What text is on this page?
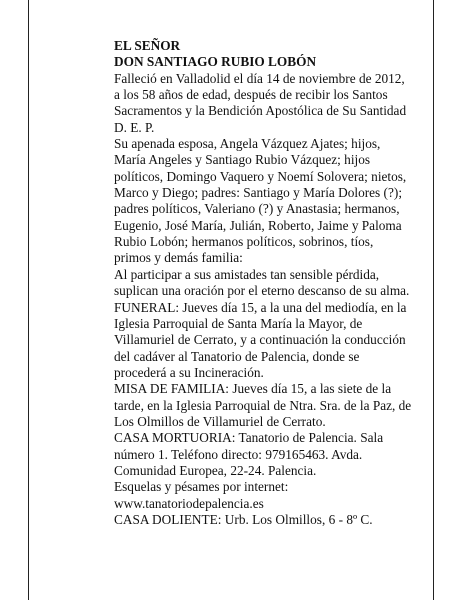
EL SEÑOR
DON SANTIAGO RUBIO LOBÓN
Falleció en Valladolid el día 14 de noviembre de 2012,
a los 58 años de edad, después de recibir los Santos
Sacramentos y la Bendición Apostólica de Su Santidad
D. E. P.
Su apenada esposa, Angela Vázquez Ajates; hijos,
María Angeles y Santiago Rubio Vázquez; hijos
políticos, Domingo Vaquero y Noemí Solovera; nietos,
Marco y Diego; padres: Santiago y María Dolores (?);
padres políticos, Valeriano (?) y Anastasia; hermanos,
Eugenio, José María, Julián, Roberto, Jaime y Paloma
Rubio Lobón; hermanos políticos, sobrinos, tíos,
primos y demás familia:
Al participar a sus amistades tan sensible pérdida,
suplican una oración por el eterno descanso de su alma.
FUNERAL: Jueves día 15, a la una del mediodía, en la
Iglesia Parroquial de Santa María la Mayor, de
Villamuriel de Cerrato, y a continuación la conducción
del cadáver al Tanatorio de Palencia, donde se
procederá a su Incineración.
MISA DE FAMILIA: Jueves día 15, a las siete de la
tarde, en la Iglesia Parroquial de Ntra. Sra. de la Paz, de
Los Olmillos de Villamuriel de Cerrato.
CASA MORTUORIA: Tanatorio de Palencia. Sala
número 1. Teléfono directo: 979165463. Avda.
Comunidad Europea, 22-24. Palencia.
Esquelas y pésames por internet:
www.tanatoriodepalencia.es
CASA DOLIENTE: Urb. Los Olmillos, 6 - 8º C.
